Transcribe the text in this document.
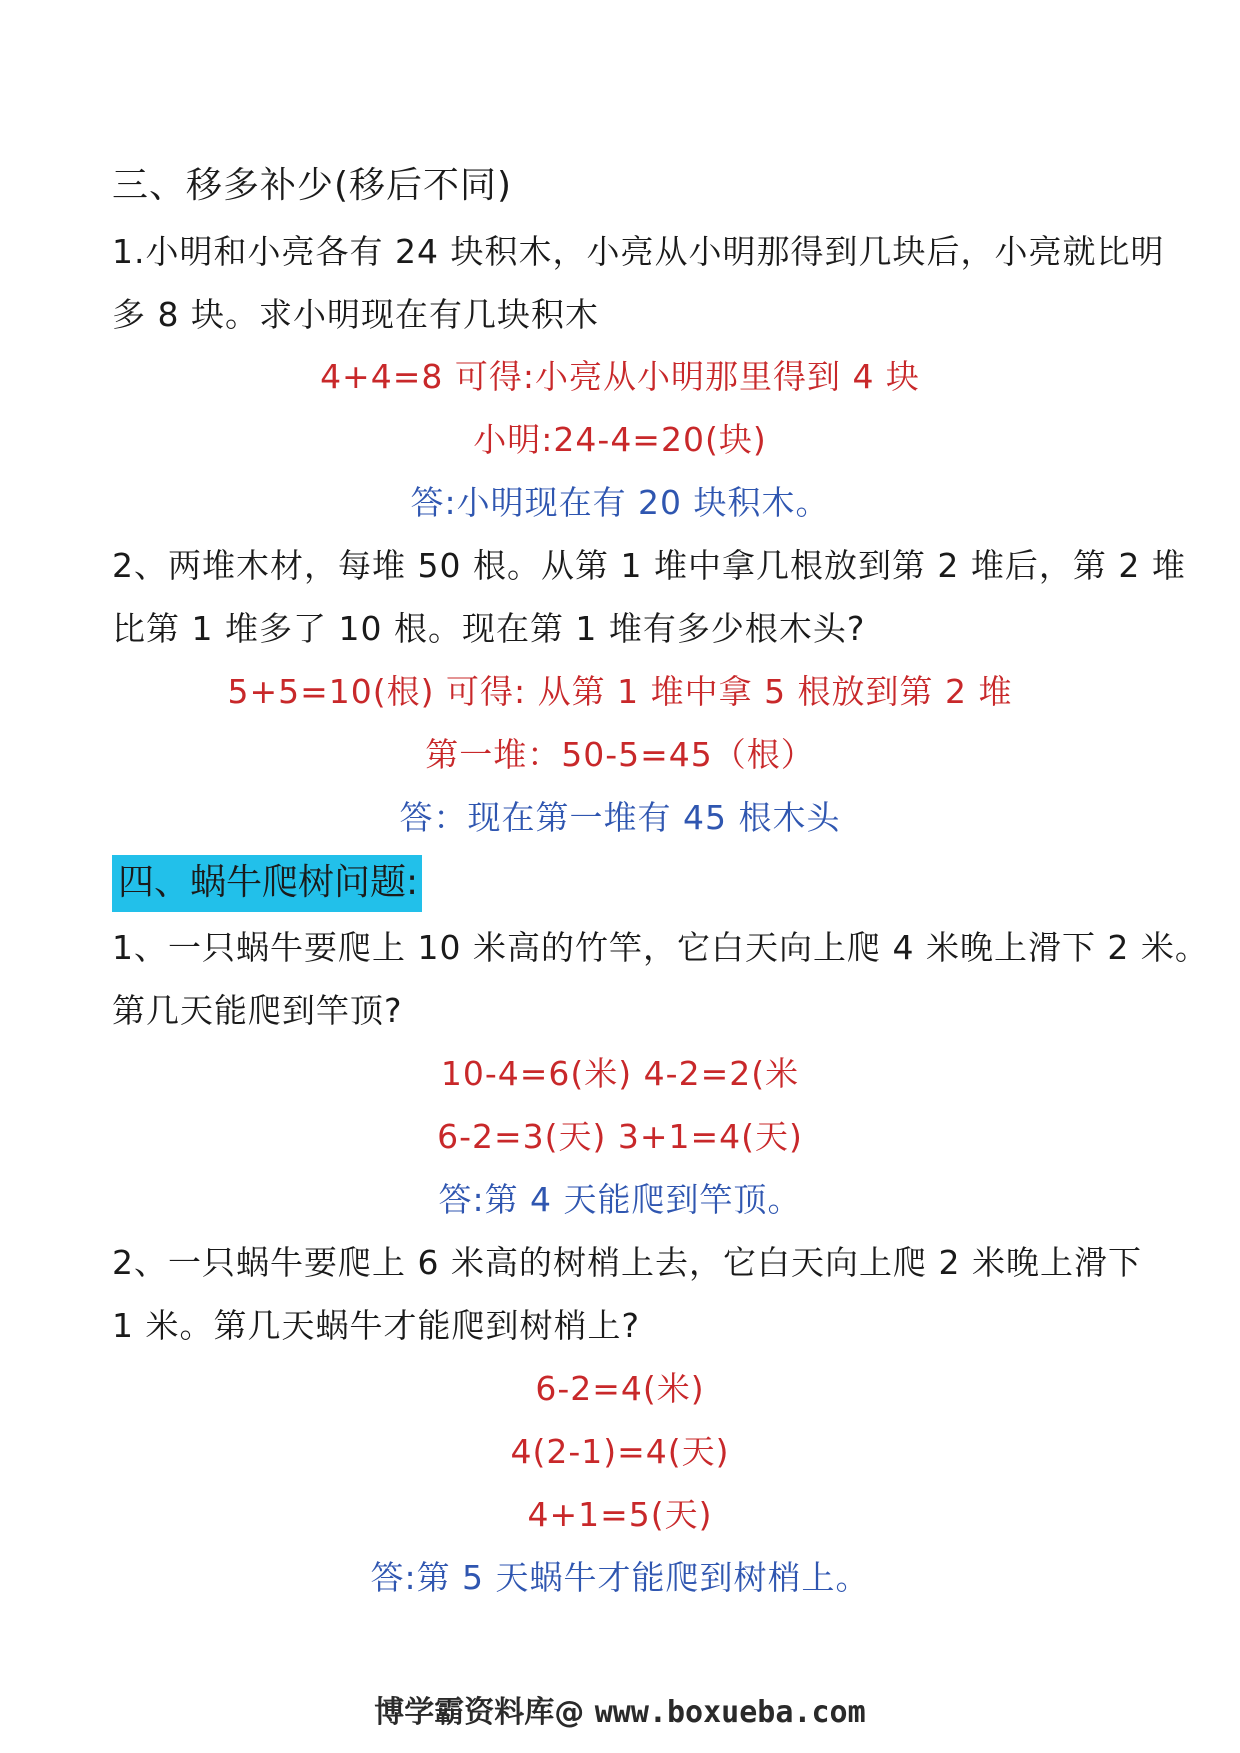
三、移多补少(移后不同)
1.小明和小亮各有 24 块积木，小亮从小明那得到几块后，小亮就比明
多 8 块。求小明现在有几块积木
4+4=8 可得:小亮从小明那里得到 4 块
小明:24-4=20(块)
答:小明现在有 20 块积木。
2、两堆木材，每堆 50 根。从第 1 堆中拿几根放到第 2 堆后，第 2 堆
比第 1 堆多了 10 根。现在第 1 堆有多少根木头?
5+5=10(根) 可得: 从第 1 堆中拿 5 根放到第 2 堆
第一堆：50-5=45（根）
答：现在第一堆有 45 根木头
四、蜗牛爬树问题:
1、一只蜗牛要爬上 10 米高的竹竿，它白天向上爬 4 米晚上滑下 2 米。
第几天能爬到竿顶?
10-4=6(米) 4-2=2(米
6-2=3(天) 3+1=4(天)
答:第 4 天能爬到竿顶。
2、一只蜗牛要爬上 6 米高的树梢上去，它白天向上爬 2 米晚上滑下
1 米。第几天蜗牛才能爬到树梢上?
6-2=4(米)
4(2-1)=4(天)
4+1=5(天)
答:第 5 天蜗牛才能爬到树梢上。
博学霸资料库@ www.boxueba.com
